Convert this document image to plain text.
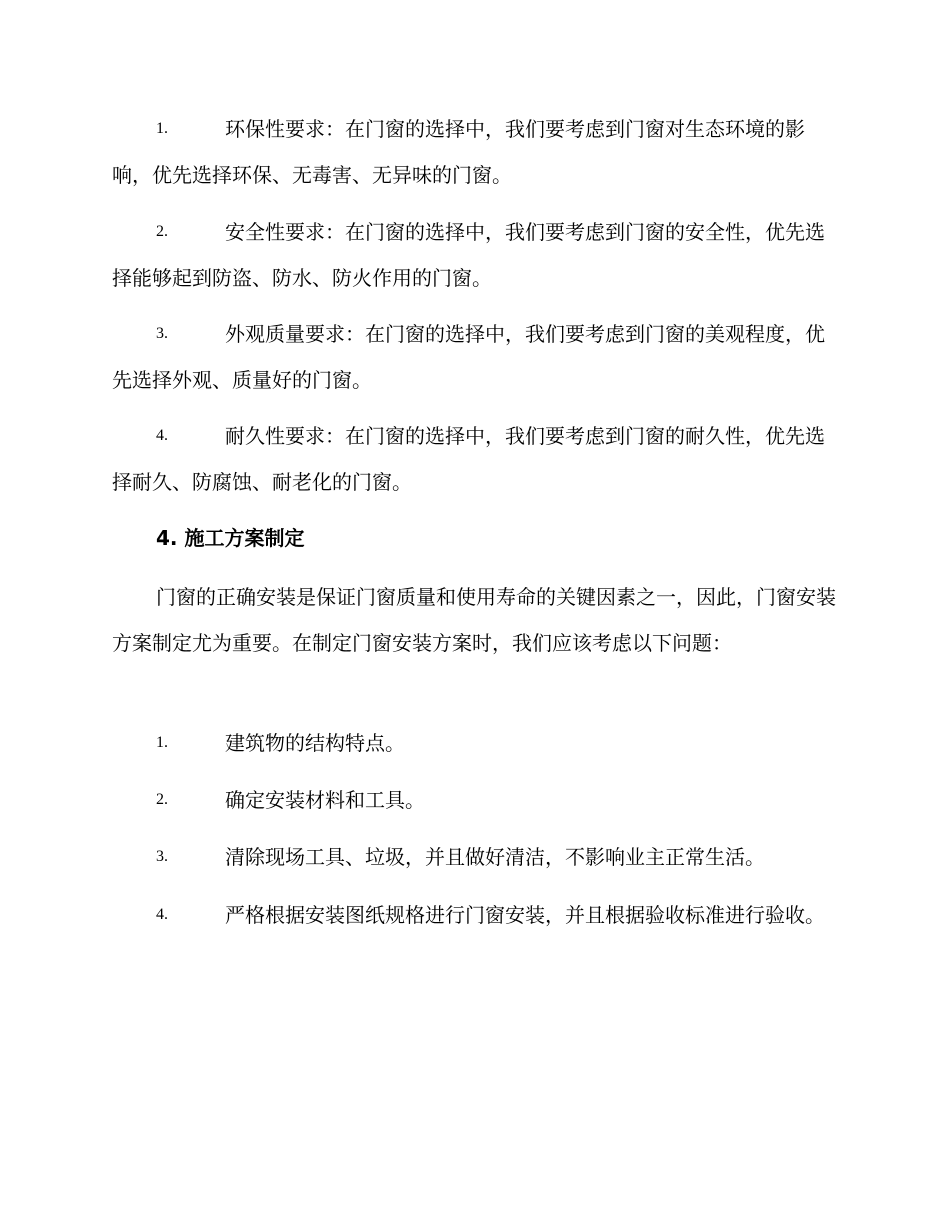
1.	环保性要求：在门窗的选择中，我们要考虑到门窗对生态环境的影响，优先选择环保、无毒害、无异味的门窗。
2.	安全性要求：在门窗的选择中，我们要考虑到门窗的安全性，优先选择能够起到防盗、防水、防火作用的门窗。
3.	外观质量要求：在门窗的选择中，我们要考虑到门窗的美观程度，优先选择外观、质量好的门窗。
4.	耐久性要求：在门窗的选择中，我们要考虑到门窗的耐久性，优先选择耐久、防腐蚀、耐老化的门窗。
4. 施工方案制定

门窗的正确安装是保证门窗质量和使用寿命的关键因素之一，因此，门窗安装方案制定尤为重要。在制定门窗安装方案时，我们应该考虑以下问题：

1.	建筑物的结构特点。
2.	确定安装材料和工具。
3.	清除现场工具、垃圾，并且做好清洁，不影响业主正常生活。
4.	严格根据安装图纸规格进行门窗安装，并且根据验收标准进行验收。
